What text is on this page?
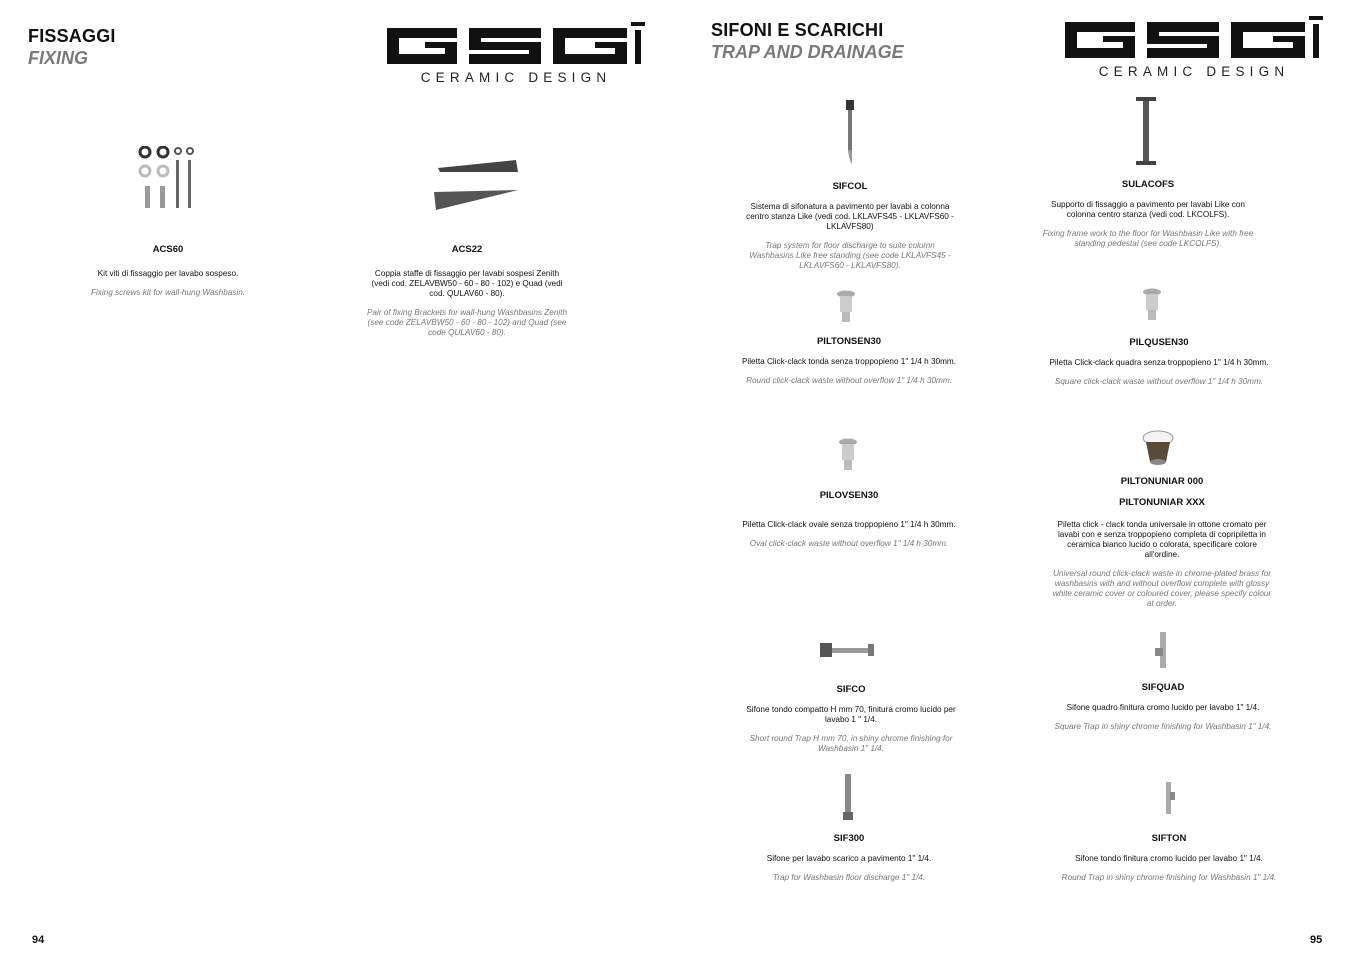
FISSAGGI
FIXING
CERAMIC DESIGN
ACS60
Kit viti di fissaggio per lavabo sospeso.
Fixing screws kit for wall-hung Washbasin.
ACS22
Coppia staffe di fissaggio per lavabi sospesi Zenith (vedi cod. ZELAVBW50 - 60 - 80 - 102) e Quad (vedi cod. QULAV60 - 80).
Pair of fixing Brackets for wall-hung Washbasins Zenith (see code ZELAVBW50 - 60 - 80 - 102) and Quad (see code QULAV60 - 80).
94
SIFONI E SCARICHI
TRAP AND DRAINAGE
CERAMIC DESIGN
SIFCOL
Sistema di sifonatura a pavimento per lavabi a colonna centro stanza Like (vedi cod. LKLAVFS45 - LKLAVFS60 - LKLAVFS80)
Trap system for floor discharge to suite column Washbasins Like free standing (see code LKLAVFS45 - LKLAVFS60 - LKLAVFS80).
SULACOFS
Supporto di fissaggio a pavimento per lavabi Like con colonna centro stanza (vedi cod. LKCOLFS).
Fixing frame work to the floor for Washbasin Like with free standing pedestal (see code LKCOLFS).
PILTONSEN30
Piletta Click-clack tonda senza troppopieno 1" 1/4 h 30mm.
Round click-clack waste without overflow 1" 1/4 h 30mm.
PILQUSEN30
Piletta Click-clack quadra senza troppopieno 1" 1/4 h 30mm.
Square click-clack waste without overflow 1" 1/4 h 30mm.
PILOVSEN30
Piletta Click-clack ovale senza troppopieno 1" 1/4 h 30mm.
Oval click-clack waste without overflow 1" 1/4 h 30mm.
PILTONUNIAR 000
PILTONUNIAR XXX
Piletta click - clack tonda universale in ottone cromato per lavabi con e senza troppopieno completa di copripiletta in ceramica bianco lucido o colorata, specificare colore all'ordine.
Universal round click-clack waste in chrome-plated brass for washbasins with and without overflow complete with glossy white ceramic cover or coloured cover, please specify colour at order.
SIFCO
Sifone tondo compatto H mm 70, finitura cromo lucido per lavabo 1 " 1/4.
Short round Trap H mm 70, in shiny chrome finishing for Washbasin 1" 1/4.
SIFQUAD
Sifone quadro finitura cromo lucido per lavabo 1" 1/4.
Square Trap in shiny chrome finishing for Washbasin 1" 1/4.
SIF300
Sifone per lavabo scarico a pavimento 1" 1/4.
Trap for Washbasin floor discharge 1" 1/4.
SIFTON
Sifone tondo finitura cromo lucido per lavabo 1" 1/4.
Round Trap in shiny chrome finishing for Washbasin 1" 1/4.
95
